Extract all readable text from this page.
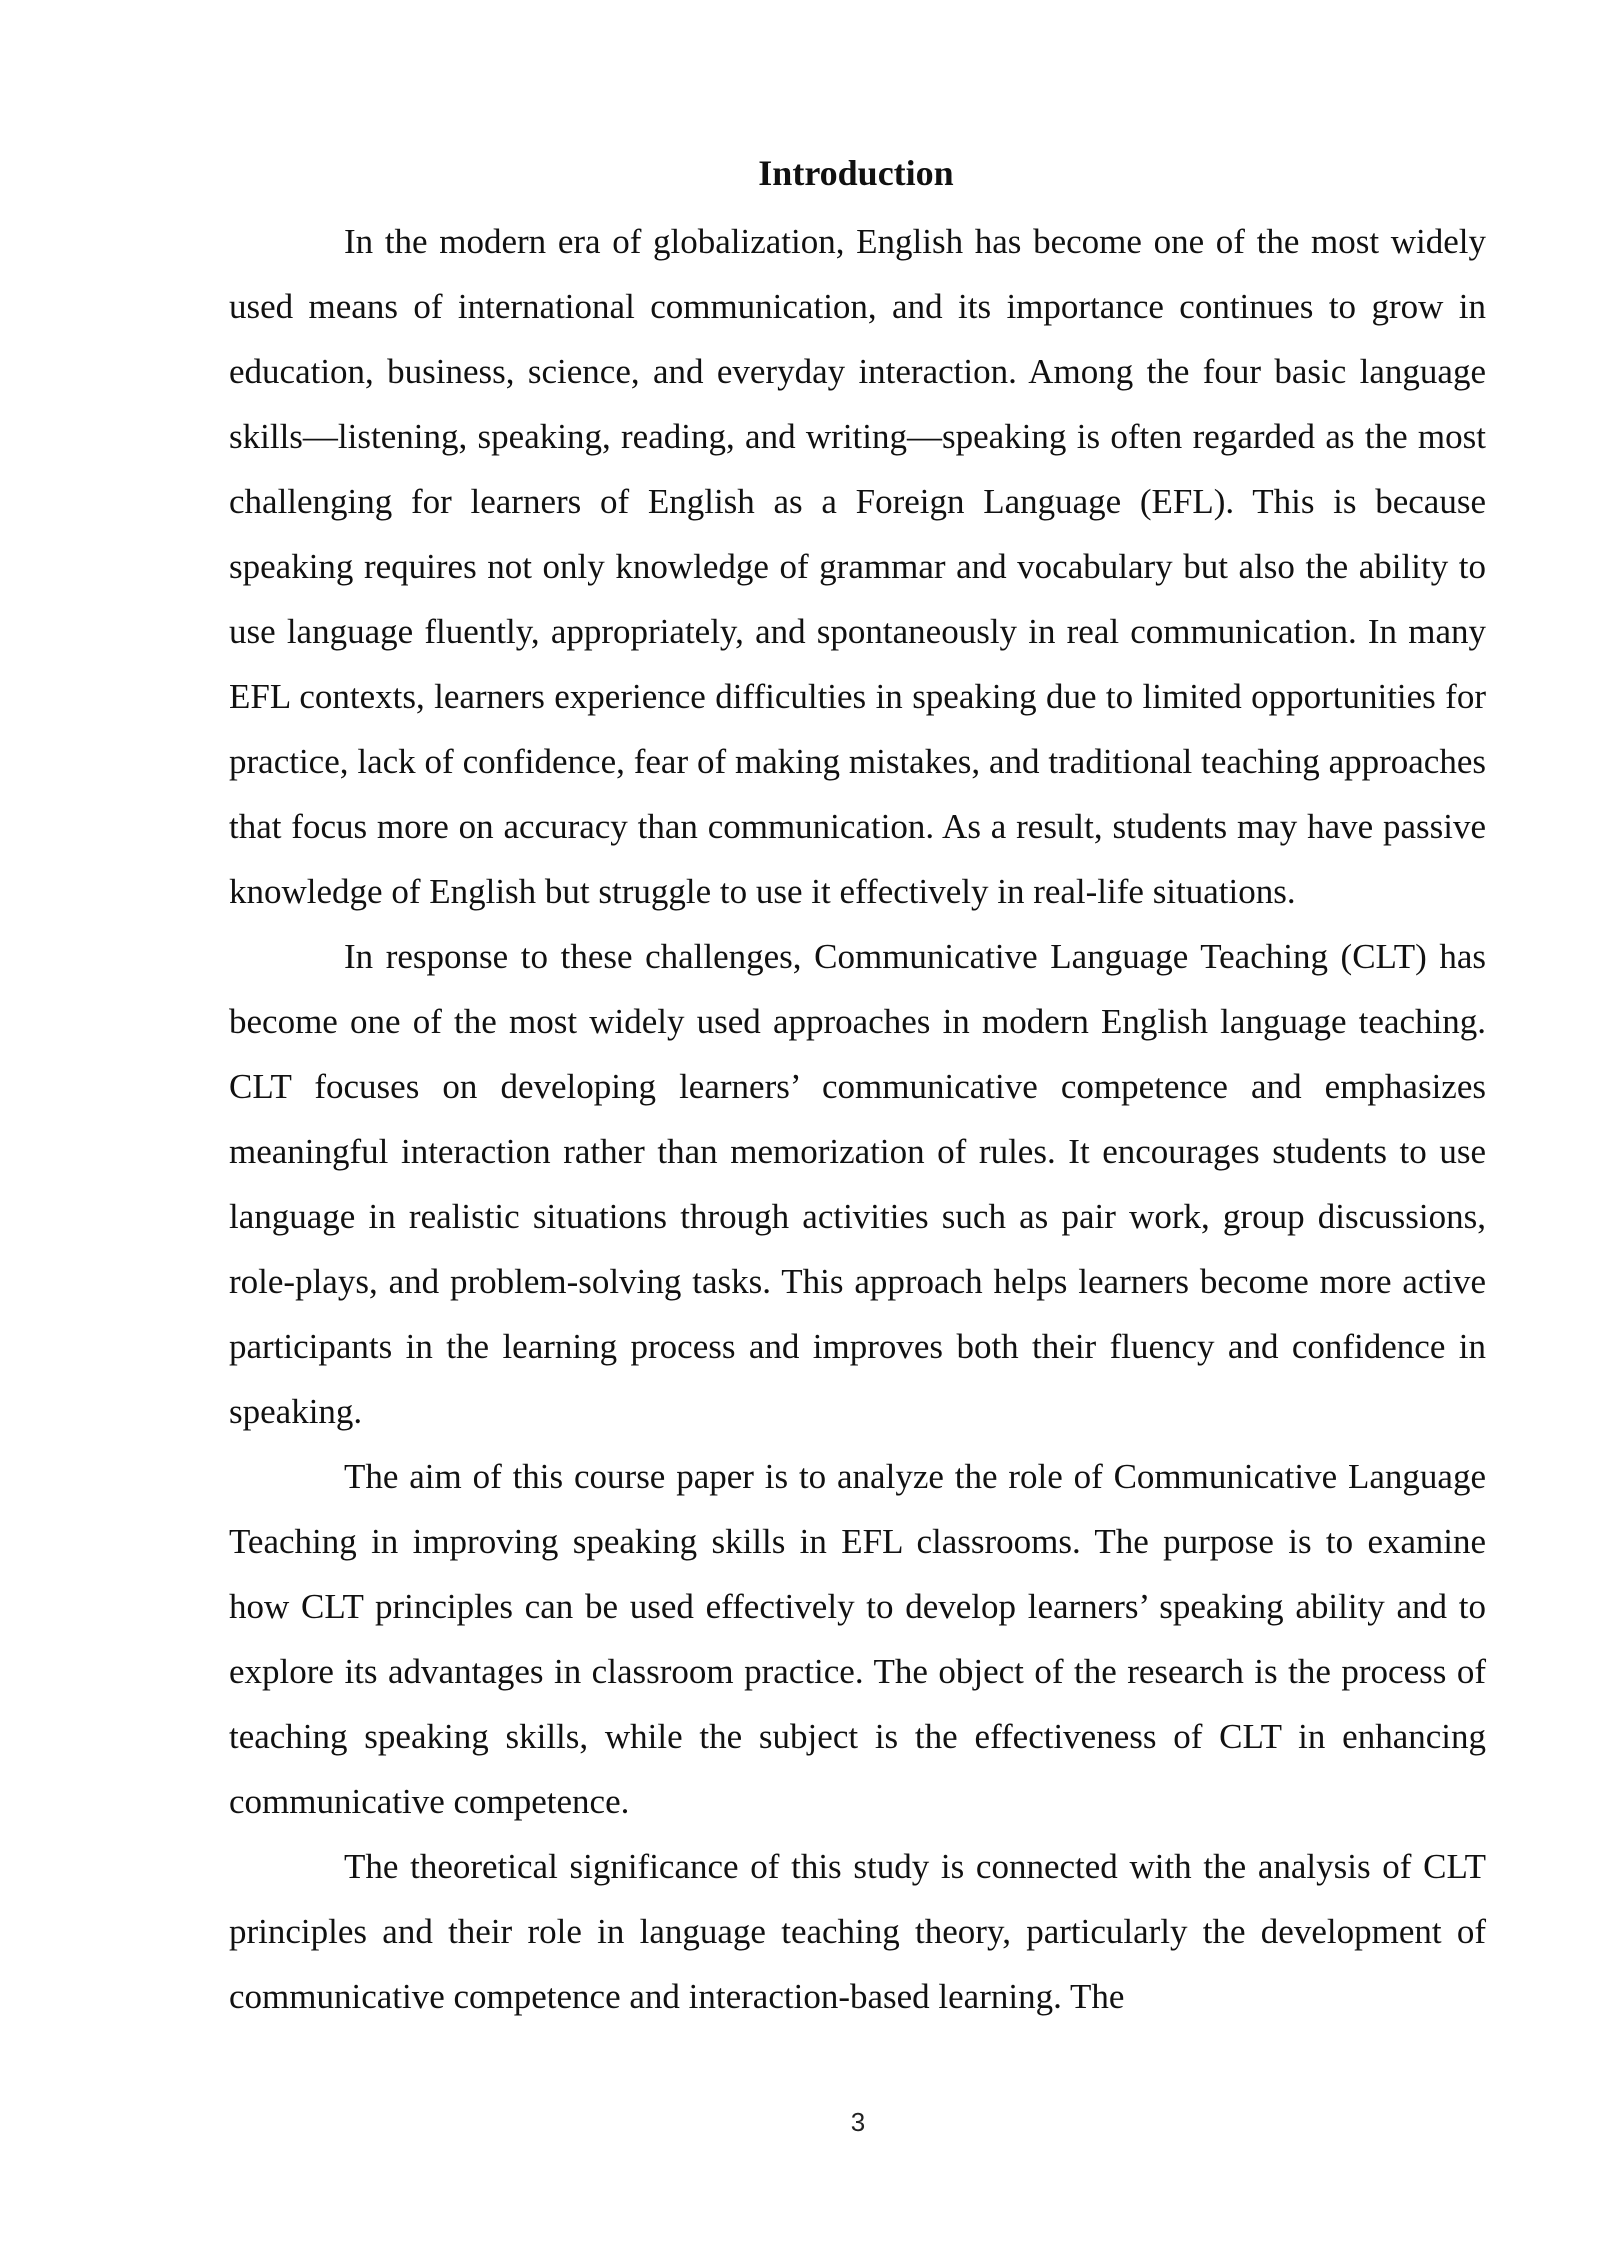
Introduction

In the modern era of globalization, English has become one of the most widely used means of international communication, and its importance continues to grow in education, business, science, and everyday interaction. Among the four basic language skills—listening, speaking, reading, and writing—speaking is often regarded as the most challenging for learners of English as a Foreign Language (EFL). This is because speaking requires not only knowledge of grammar and vocabulary but also the ability to use language fluently, appropriately, and spontaneously in real communication. In many EFL contexts, learners experience difficulties in speaking due to limited opportunities for practice, lack of confidence, fear of making mistakes, and traditional teaching approaches that focus more on accuracy than communication. As a result, students may have passive knowledge of English but struggle to use it effectively in real-life situations.

In response to these challenges, Communicative Language Teaching (CLT) has become one of the most widely used approaches in modern English language teaching. CLT focuses on developing learners’ communicative competence and emphasizes meaningful interaction rather than memorization of rules. It encourages students to use language in realistic situations through activities such as pair work, group discussions, role-plays, and problem-solving tasks. This approach helps learners become more active participants in the learning process and improves both their fluency and confidence in speaking.

The aim of this course paper is to analyze the role of Communicative Language Teaching in improving speaking skills in EFL classrooms. The purpose is to examine how CLT principles can be used effectively to develop learners’ speaking ability and to explore its advantages in classroom practice. The object of the research is the process of teaching speaking skills, while the subject is the effectiveness of CLT in enhancing communicative competence.

The theoretical significance of this study is connected with the analysis of CLT principles and their role in language teaching theory, particularly the development of communicative competence and interaction-based learning. The

3
